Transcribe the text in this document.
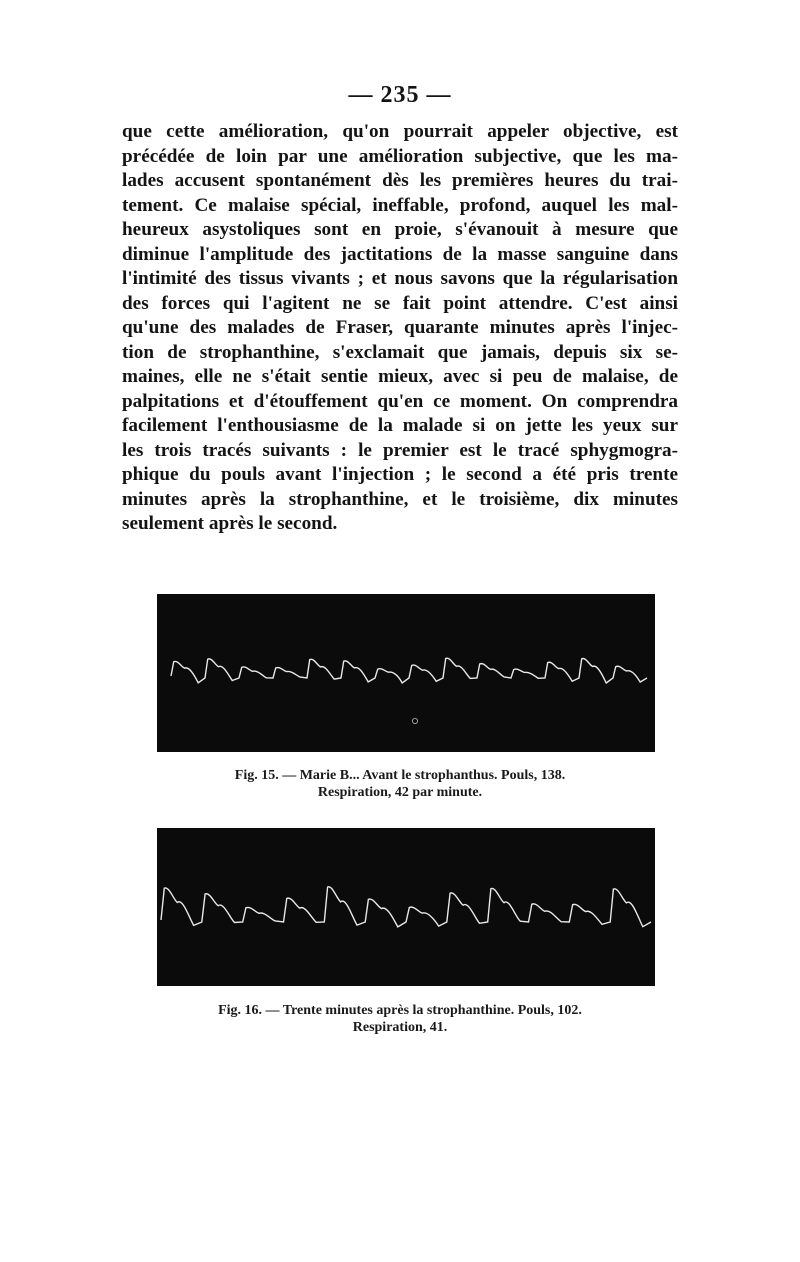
— 235 —
que cette amélioration, qu'on pourrait appeler objective, est
précédée de loin par une amélioration subjective, que les ma-
lades accusent spontanément dès les premières heures du trai-
tement. Ce malaise spécial, ineffable, profond, auquel les mal-
heureux asystoliques sont en proie, s'évanouit à mesure que
diminue l'amplitude des jactitations de la masse sanguine dans
l'intimité des tissus vivants ; et nous savons que la régularisation
des forces qui l'agitent ne se fait point attendre. C'est ainsi
qu'une des malades de Fraser, quarante minutes après l'injec-
tion de strophanthine, s'exclamait que jamais, depuis six se-
maines, elle ne s'était sentie mieux, avec si peu de malaise, de
palpitations et d'étouffement qu'en ce moment. On comprendra
facilement l'enthousiasme de la malade si on jette les yeux sur
les trois tracés suivants : le premier est le tracé sphygmogra-
phique du pouls avant l'injection ; le second a été pris trente
minutes après la strophanthine, et le troisième, dix minutes
seulement après le second.
Fig. 15. — Marie B... Avant le strophanthus. Pouls, 138.
Respiration, 42 par minute.
Fig. 16. — Trente minutes après la strophanthine. Pouls, 102.
Respiration, 41.
